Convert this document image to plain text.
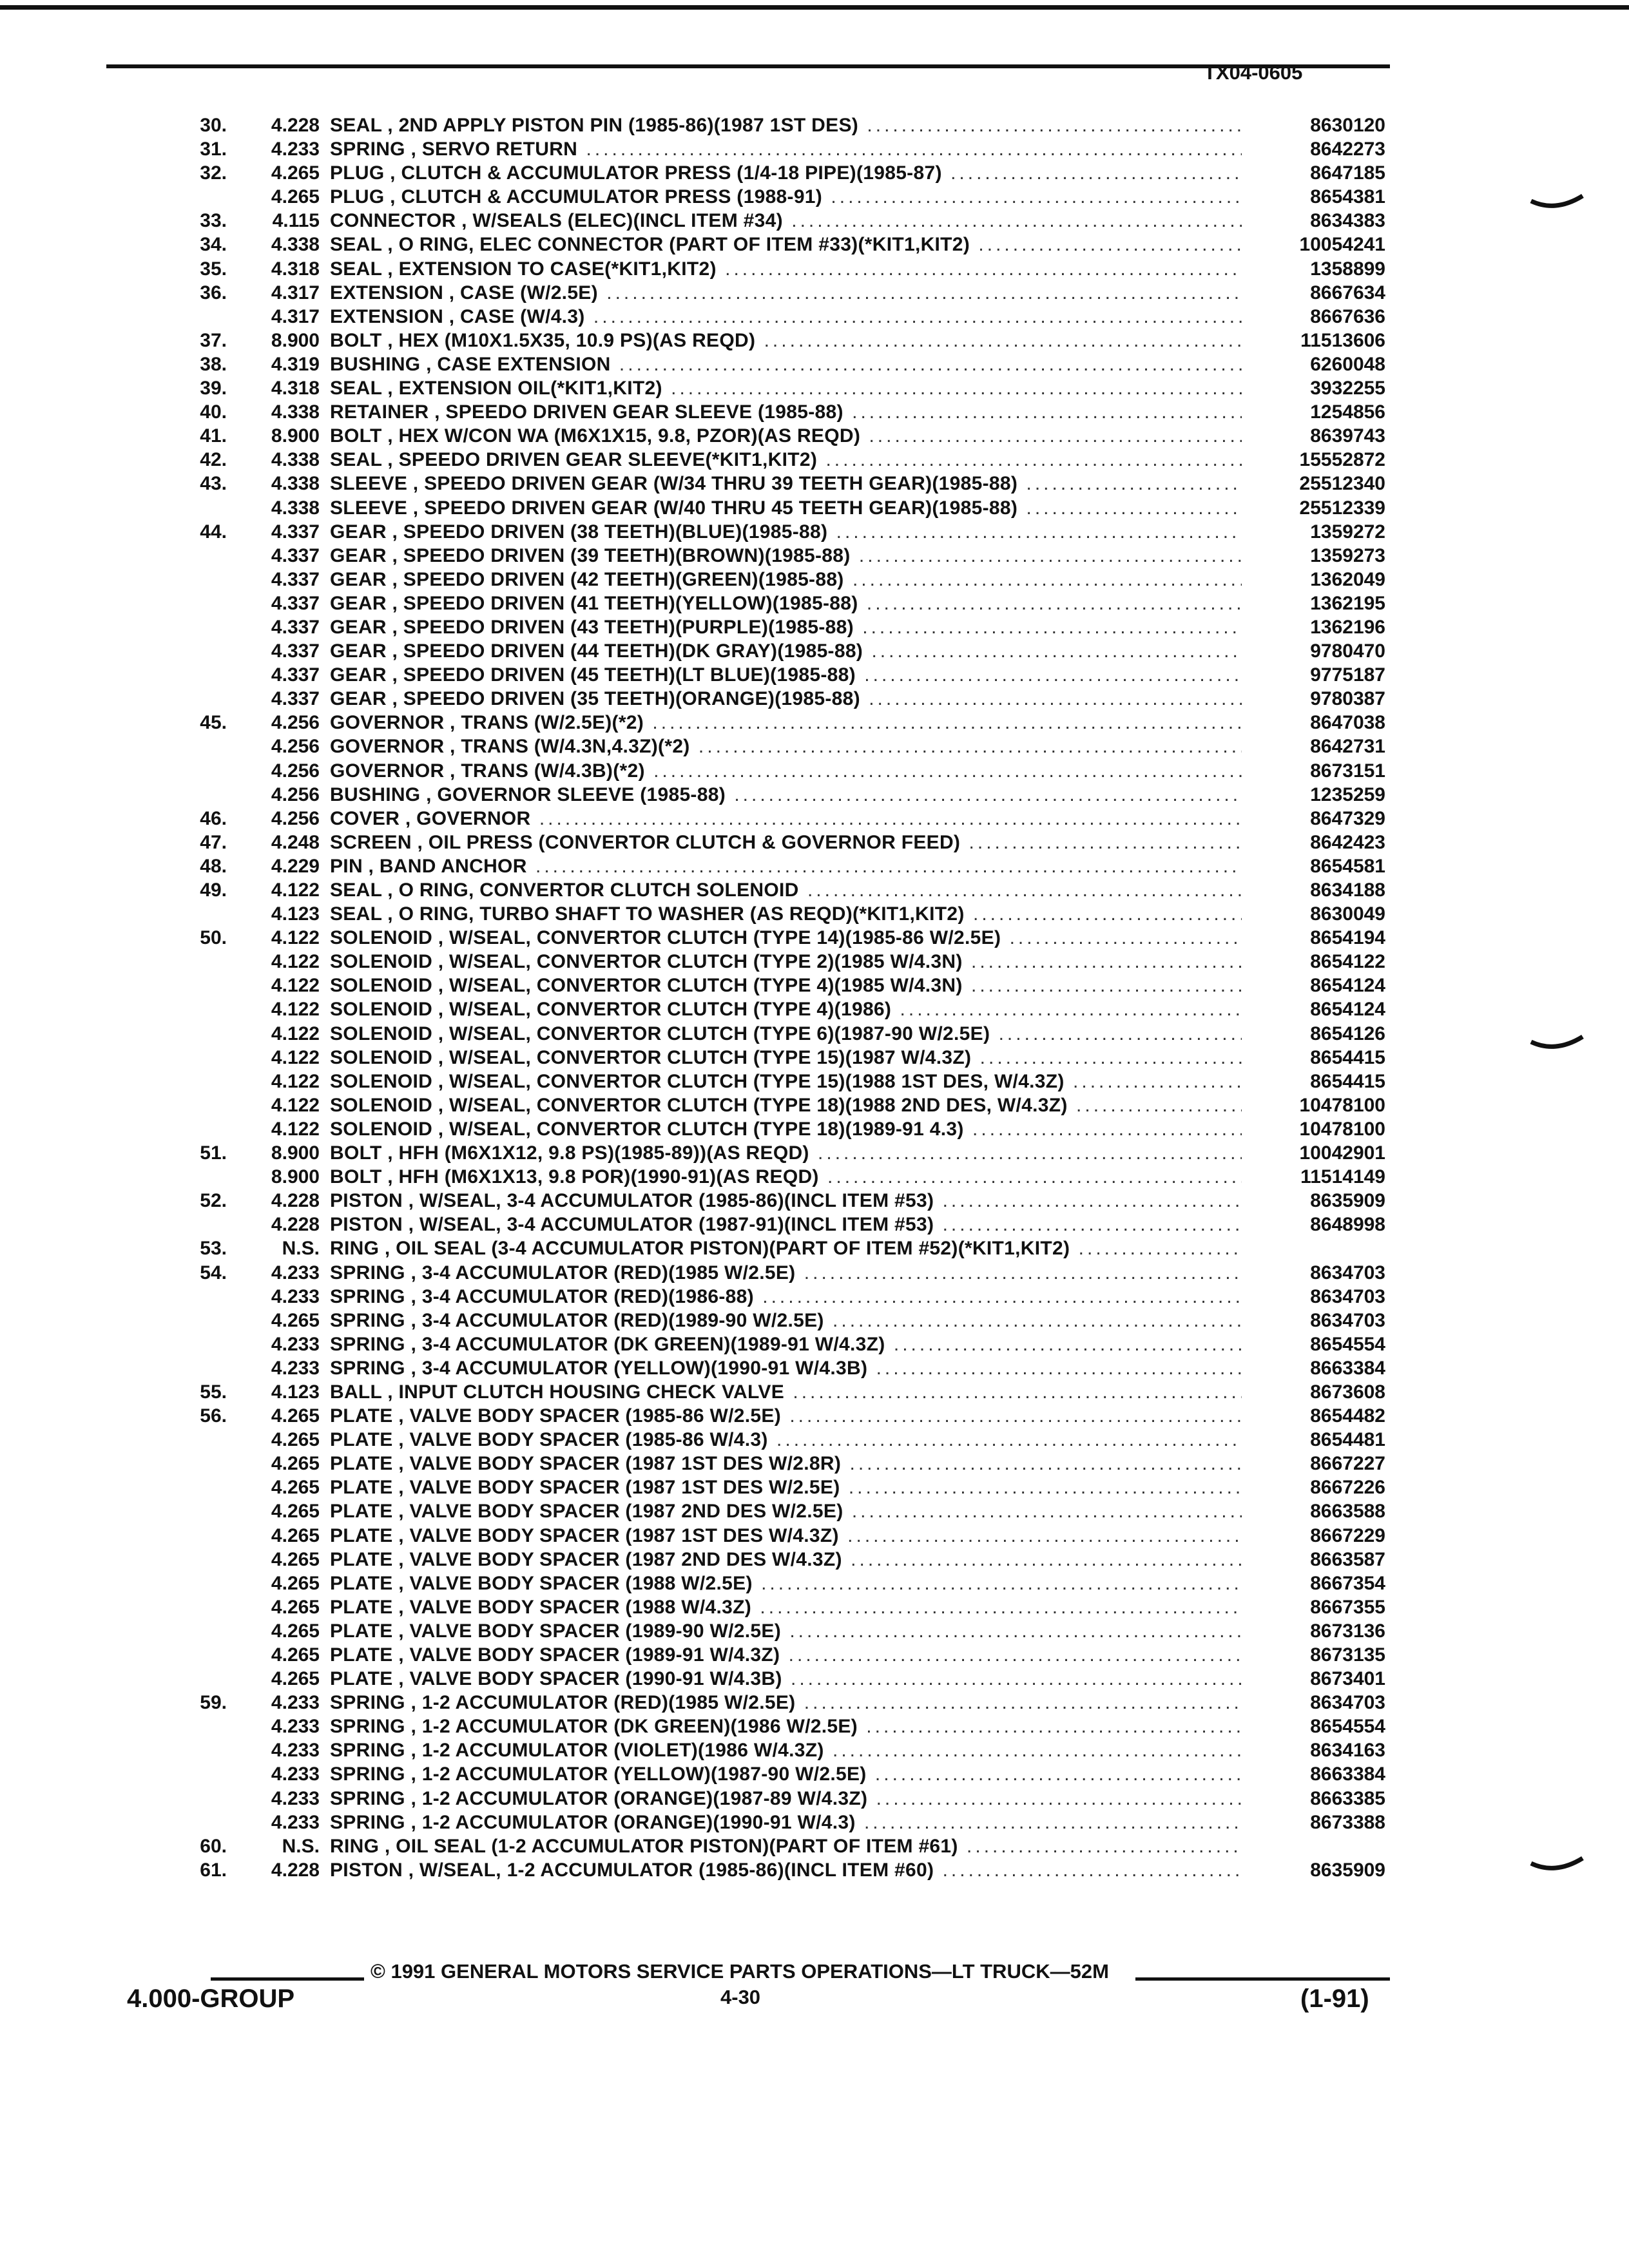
TX04-0605
30.	4.228 SEAL , 2ND APPLY PISTON PIN (1985-86)(1987 1ST DES) .....	8630120
31.	4.233 SPRING , SERVO RETURN .....	8642273
32.	4.265 PLUG , CLUTCH & ACCUMULATOR PRESS (1/4-18 PIPE)(1985-87) .....	8647185
4.265 PLUG , CLUTCH & ACCUMULATOR PRESS (1988-91) .....	8654381
33.	4.115 CONNECTOR , W/SEALS (ELEC)(INCL ITEM #34) .....	8634383
34.	4.338 SEAL , O RING, ELEC CONNECTOR (PART OF ITEM #33)(*KIT1,KIT2) .....	10054241
35.	4.318 SEAL , EXTENSION TO CASE(*KIT1,KIT2) .....	1358899
36.	4.317 EXTENSION , CASE (W/2.5E) .....	8667634
4.317 EXTENSION , CASE (W/4.3) .....	8667636
37.	8.900 BOLT , HEX (M10X1.5X35, 10.9 PS)(AS REQD) .....	11513606
38.	4.319 BUSHING , CASE EXTENSION .....	6260048
39.	4.318 SEAL , EXTENSION OIL(*KIT1,KIT2) .....	3932255
40.	4.338 RETAINER , SPEEDO DRIVEN GEAR SLEEVE (1985-88) .....	1254856
41.	8.900 BOLT , HEX W/CON WA (M6X1X15, 9.8, PZOR)(AS REQD) .....	8639743
42.	4.338 SEAL , SPEEDO DRIVEN GEAR SLEEVE(*KIT1,KIT2) .....	15552872
43.	4.338 SLEEVE , SPEEDO DRIVEN GEAR (W/34 THRU 39 TEETH GEAR)(1985-88) .....	25512340
4.338 SLEEVE , SPEEDO DRIVEN GEAR (W/40 THRU 45 TEETH GEAR)(1985-88) .....	25512339
44.	4.337 GEAR , SPEEDO DRIVEN (38 TEETH)(BLUE)(1985-88) .....	1359272
4.337 GEAR , SPEEDO DRIVEN (39 TEETH)(BROWN)(1985-88) .....	1359273
4.337 GEAR , SPEEDO DRIVEN (42 TEETH)(GREEN)(1985-88) .....	1362049
4.337 GEAR , SPEEDO DRIVEN (41 TEETH)(YELLOW)(1985-88) .....	1362195
4.337 GEAR , SPEEDO DRIVEN (43 TEETH)(PURPLE)(1985-88) .....	1362196
4.337 GEAR , SPEEDO DRIVEN (44 TEETH)(DK GRAY)(1985-88) .....	9780470
4.337 GEAR , SPEEDO DRIVEN (45 TEETH)(LT BLUE)(1985-88) .....	9775187
4.337 GEAR , SPEEDO DRIVEN (35 TEETH)(ORANGE)(1985-88) .....	9780387
45.	4.256 GOVERNOR , TRANS (W/2.5E)(*2) .....	8647038
4.256 GOVERNOR , TRANS (W/4.3N,4.3Z)(*2) .....	8642731
4.256 GOVERNOR , TRANS (W/4.3B)(*2) .....	8673151
4.256 BUSHING , GOVERNOR SLEEVE (1985-88) .....	1235259
46.	4.256 COVER , GOVERNOR .....	8647329
47.	4.248 SCREEN , OIL PRESS (CONVERTOR CLUTCH & GOVERNOR FEED) .....	8642423
48.	4.229 PIN , BAND ANCHOR .....	8654581
49.	4.122 SEAL , O RING, CONVERTOR CLUTCH SOLENOID .....	8634188
4.123 SEAL , O RING, TURBO SHAFT TO WASHER (AS REQD)(*KIT1,KIT2) .....	8630049
50.	4.122 SOLENOID , W/SEAL, CONVERTOR CLUTCH (TYPE 14)(1985-86 W/2.5E) .....	8654194
4.122 SOLENOID , W/SEAL, CONVERTOR CLUTCH (TYPE 2)(1985 W/4.3N) .....	8654122
4.122 SOLENOID , W/SEAL, CONVERTOR CLUTCH (TYPE 4)(1985 W/4.3N) .....	8654124
4.122 SOLENOID , W/SEAL, CONVERTOR CLUTCH (TYPE 4)(1986) .....	8654124
4.122 SOLENOID , W/SEAL, CONVERTOR CLUTCH (TYPE 6)(1987-90 W/2.5E) .....	8654126
4.122 SOLENOID , W/SEAL, CONVERTOR CLUTCH (TYPE 15)(1987 W/4.3Z) .....	8654415
4.122 SOLENOID , W/SEAL, CONVERTOR CLUTCH (TYPE 15)(1988 1ST DES, W/4.3Z) .....	8654415
4.122 SOLENOID , W/SEAL, CONVERTOR CLUTCH (TYPE 18)(1988 2ND DES, W/4.3Z) .....	10478100
4.122 SOLENOID , W/SEAL, CONVERTOR CLUTCH (TYPE 18)(1989-91 4.3) .....	10478100
51.	8.900 BOLT , HFH (M6X1X12, 9.8 PS)(1985-89))(AS REQD) .....	10042901
8.900 BOLT , HFH (M6X1X13, 9.8 POR)(1990-91)(AS REQD) .....	11514149
52.	4.228 PISTON , W/SEAL, 3-4 ACCUMULATOR (1985-86)(INCL ITEM #53) .....	8635909
4.228 PISTON , W/SEAL, 3-4 ACCUMULATOR (1987-91)(INCL ITEM #53) .....	8648998
53.	N.S. RING , OIL SEAL (3-4 ACCUMULATOR PISTON)(PART OF ITEM #52)(*KIT1,KIT2) .....
54.	4.233 SPRING , 3-4 ACCUMULATOR (RED)(1985 W/2.5E) .....	8634703
4.233 SPRING , 3-4 ACCUMULATOR (RED)(1986-88) .....	8634703
4.265 SPRING , 3-4 ACCUMULATOR (RED)(1989-90 W/2.5E) .....	8634703
4.233 SPRING , 3-4 ACCUMULATOR (DK GREEN)(1989-91 W/4.3Z) .....	8654554
4.233 SPRING , 3-4 ACCUMULATOR (YELLOW)(1990-91 W/4.3B) .....	8663384
55.	4.123 BALL , INPUT CLUTCH HOUSING CHECK VALVE .....	8673608
56.	4.265 PLATE , VALVE BODY SPACER (1985-86 W/2.5E) .....	8654482
4.265 PLATE , VALVE BODY SPACER (1985-86 W/4.3) .....	8654481
4.265 PLATE , VALVE BODY SPACER (1987 1ST DES W/2.8R) .....	8667227
4.265 PLATE , VALVE BODY SPACER (1987 1ST DES W/2.5E) .....	8667226
4.265 PLATE , VALVE BODY SPACER (1987 2ND DES W/2.5E) .....	8663588
4.265 PLATE , VALVE BODY SPACER (1987 1ST DES W/4.3Z) .....	8667229
4.265 PLATE , VALVE BODY SPACER (1987 2ND DES W/4.3Z) .....	8663587
4.265 PLATE , VALVE BODY SPACER (1988 W/2.5E) .....	8667354
4.265 PLATE , VALVE BODY SPACER (1988 W/4.3Z) .....	8667355
4.265 PLATE , VALVE BODY SPACER (1989-90 W/2.5E) .....	8673136
4.265 PLATE , VALVE BODY SPACER (1989-91 W/4.3Z) .....	8673135
4.265 PLATE , VALVE BODY SPACER (1990-91 W/4.3B) .....	8673401
59.	4.233 SPRING , 1-2 ACCUMULATOR (RED)(1985 W/2.5E) .....	8634703
4.233 SPRING , 1-2 ACCUMULATOR (DK GREEN)(1986 W/2.5E) .....	8654554
4.233 SPRING , 1-2 ACCUMULATOR (VIOLET)(1986 W/4.3Z) .....	8634163
4.233 SPRING , 1-2 ACCUMULATOR (YELLOW)(1987-90 W/2.5E) .....	8663384
4.233 SPRING , 1-2 ACCUMULATOR (ORANGE)(1987-89 W/4.3Z) .....	8663385
4.233 SPRING , 1-2 ACCUMULATOR (ORANGE)(1990-91 W/4.3) .....	8673388
60.	N.S. RING , OIL SEAL (1-2 ACCUMULATOR PISTON)(PART OF ITEM #61) .....
61.	4.228 PISTON , W/SEAL, 1-2 ACCUMULATOR (1985-86)(INCL ITEM #60) .....	8635909
© 1991 GENERAL MOTORS SERVICE PARTS OPERATIONS—LT TRUCK—52M
4.000-GROUP	4-30	(1-91)
